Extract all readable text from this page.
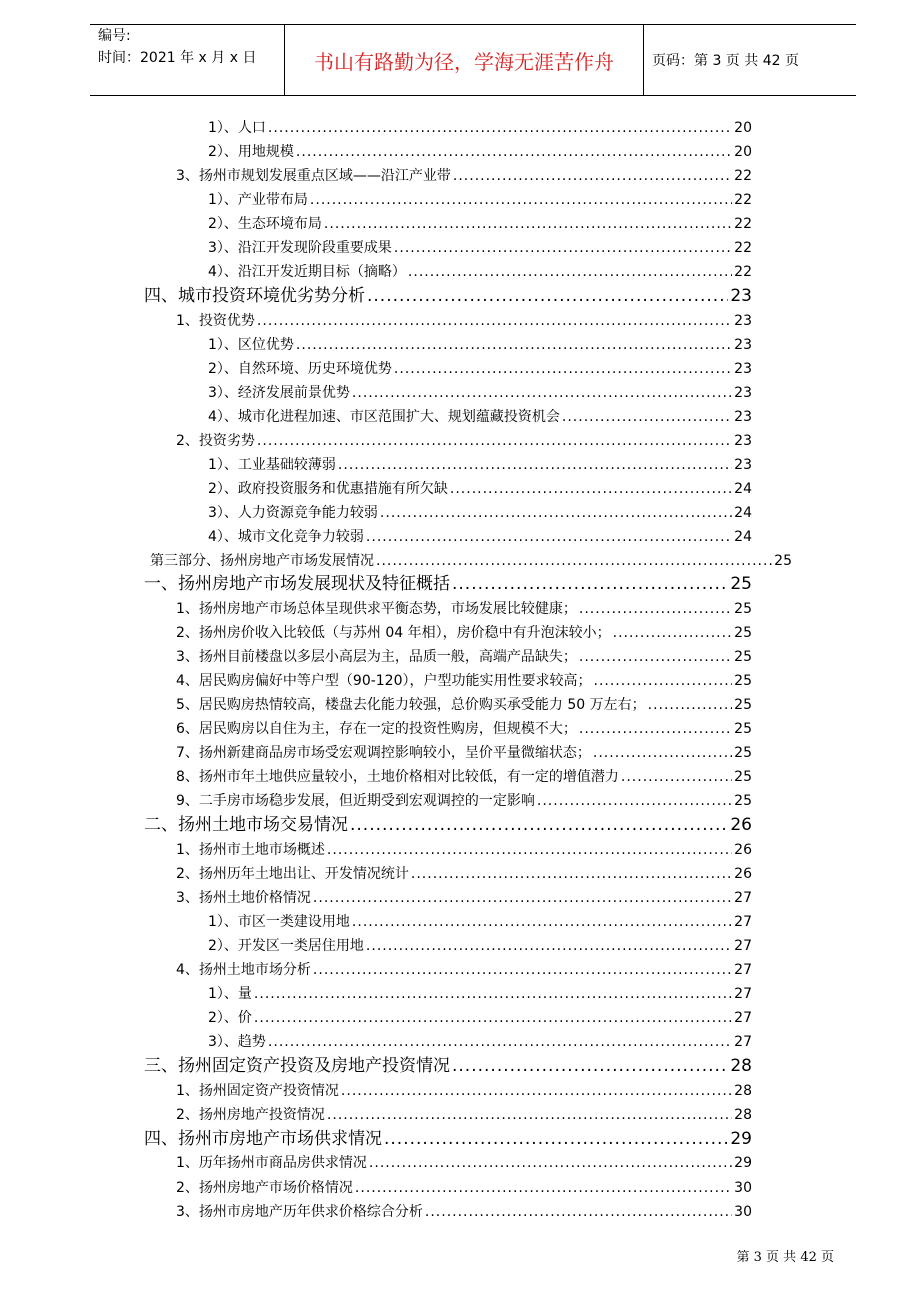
编号:
时间：2021 年 x 月 x 日	书山有路勤为径，学海无涯苦作舟	页码：第 3 页 共 42 页
1）、人口 .....	20
2）、用地规模 .....	20
3、扬州市规划发展重点区域——沿江产业带 .....	22
1）、产业带布局 .....	22
2）、生态环境布局 .....	22
3）、沿江开发现阶段重要成果 .....	22
4）、沿江开发近期目标（摘略） .....	22
四、城市投资环境优劣势分析 .....	23
1、投资优势 .....	23
1）、区位优势 .....	23
2）、自然环境、历史环境优势 .....	23
3）、经济发展前景优势 .....	23
4）、城市化进程加速、市区范围扩大、规划蕴藏投资机会 .....	23
2、投资劣势 .....	23
1）、工业基础较薄弱 .....	23
2）、政府投资服务和优惠措施有所欠缺 .....	24
3）、人力资源竞争能力较弱 .....	24
4）、城市文化竞争力较弱 .....	24
第三部分、扬州房地产市场发展情况 .....	25
一、扬州房地产市场发展现状及特征概括 .....	25
1、扬州房地产市场总体呈现供求平衡态势，市场发展比较健康； .....	25
2、扬州房价收入比较低（与苏州 04 年相），房价稳中有升泡沫较小； .....	25
3、扬州目前楼盘以多层小高层为主，品质一般，高端产品缺失； .....	25
4、居民购房偏好中等户型（90-120），户型功能实用性要求较高； .....	25
5、居民购房热情较高，楼盘去化能力较强，总价购买承受能力 50 万左右； .....	25
6、居民购房以自住为主，存在一定的投资性购房，但规模不大； .....	25
7、扬州新建商品房市场受宏观调控影响较小，呈价平量微缩状态； .....	25
8、扬州市年土地供应量较小，土地价格相对比较低，有一定的增值潜力 .....	25
9、二手房市场稳步发展，但近期受到宏观调控的一定影响 .....	25
二、扬州土地市场交易情况 .....	26
1、扬州市土地市场概述 .....	26
2、扬州历年土地出让、开发情况统计 .....	26
3、扬州土地价格情况 .....	27
1）、市区一类建设用地 .....	27
2）、开发区一类居住用地 .....	27
4、扬州土地市场分析 .....	27
1）、量 .....	27
2）、价 .....	27
3）、趋势 .....	27
三、扬州固定资产投资及房地产投资情况 .....	28
1、扬州固定资产投资情况 .....	28
2、扬州房地产投资情况 .....	28
四、扬州市房地产市场供求情况 .....	29
1、历年扬州市商品房供求情况 .....	29
2、扬州房地产市场价格情况 .....	30
3、扬州市房地产历年供求价格综合分析 .....	30
第 3 页 共 42 页
